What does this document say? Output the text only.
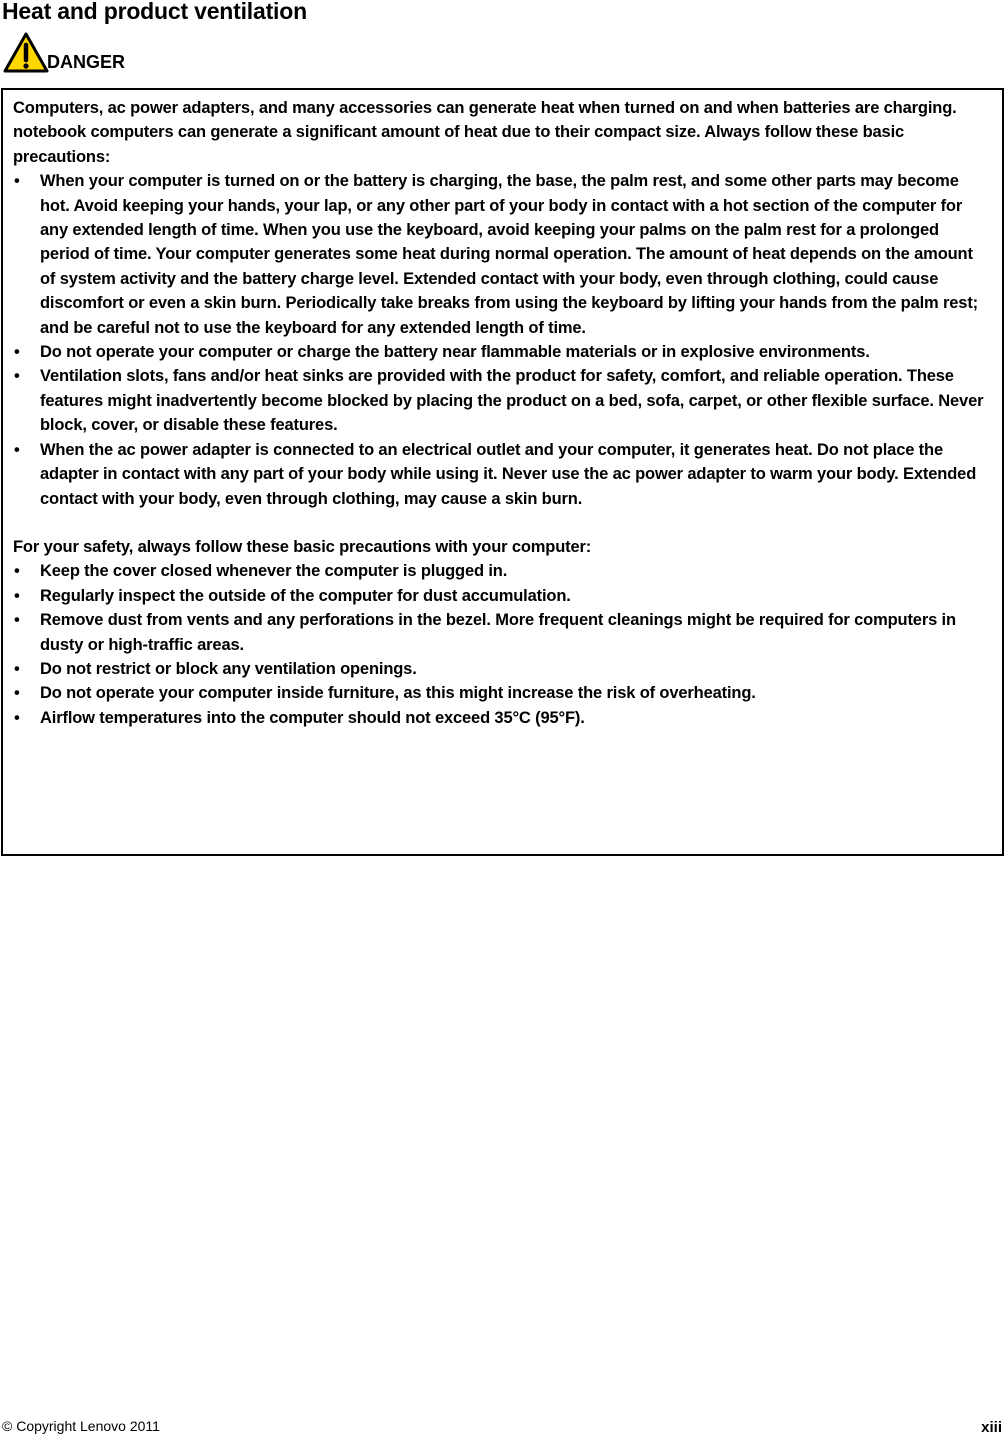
Heat and product ventilation
DANGER

Computers, ac power adapters, and many accessories can generate heat when turned on and when batteries are charging. notebook computers can generate a significant amount of heat due to their compact size. Always follow these basic precautions:

• When your computer is turned on or the battery is charging, the base, the palm rest, and some other parts may become hot. Avoid keeping your hands, your lap, or any other part of your body in contact with a hot section of the computer for any extended length of time. When you use the keyboard, avoid keeping your palms on the palm rest for a prolonged period of time. Your computer generates some heat during normal operation. The amount of heat depends on the amount of system activity and the battery charge level. Extended contact with your body, even through clothing, could cause discomfort or even a skin burn. Periodically take breaks from using the keyboard by lifting your hands from the palm rest; and be careful not to use the keyboard for any extended length of time.
• Do not operate your computer or charge the battery near flammable materials or in explosive environments.
• Ventilation slots, fans and/or heat sinks are provided with the product for safety, comfort, and reliable operation. These features might inadvertently become blocked by placing the product on a bed, sofa, carpet, or other flexible surface. Never block, cover, or disable these features.
• When the ac power adapter is connected to an electrical outlet and your computer, it generates heat. Do not place the adapter in contact with any part of your body while using it. Never use the ac power adapter to warm your body. Extended contact with your body, even through clothing, may cause a skin burn.

For your safety, always follow these basic precautions with your computer:

• Keep the cover closed whenever the computer is plugged in.
• Regularly inspect the outside of the computer for dust accumulation.
• Remove dust from vents and any perforations in the bezel. More frequent cleanings might be required for computers in dusty or high-traffic areas.
• Do not restrict or block any ventilation openings.
• Do not operate your computer inside furniture, as this might increase the risk of overheating.
• Airflow temperatures into the computer should not exceed 35°C (95°F).
© Copyright Lenovo 2011	xiii
